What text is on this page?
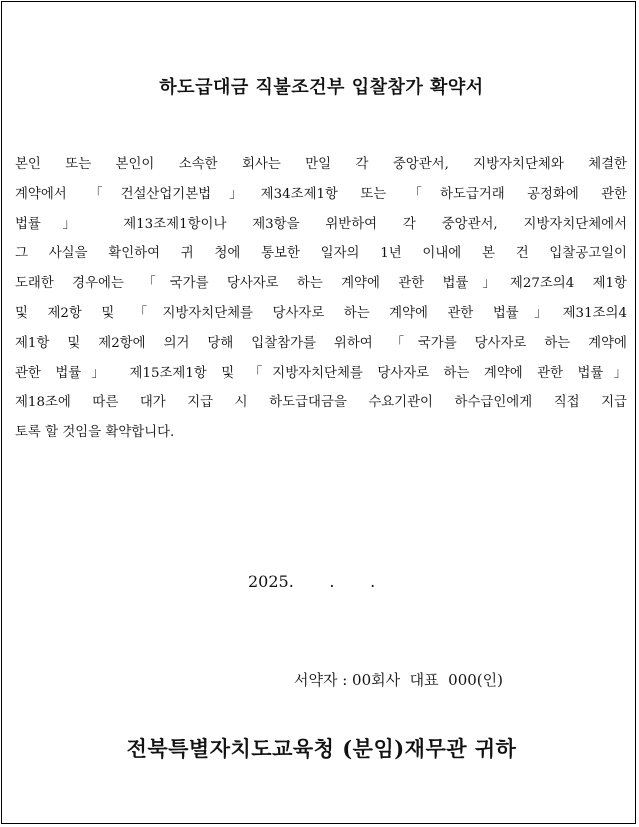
하도급대금 직불조건부 입찰참가 확약서
본인 또는 본인이 소속한 회사는 만일 각 중앙관서, 지방자치단체와 체결한
계약에서 「건설산업기본법」제34조제1항 또는 「하도급거래 공정화에 관한
법률」 제13조제1항이나 제3항을 위반하여 각 중앙관서, 지방자치단체에서
그 사실을 확인하여 귀 청에 통보한 일자의 1년 이내에 본 건 입찰공고일이
도래한 경우에는 「국가를 당사자로 하는 계약에 관한 법률」제27조의4 제1항
및 제2항 및 「지방자치단체를 당사자로 하는 계약에 관한 법률」제31조의4
제1항 및 제2항에 의거 당해 입찰참가를 위하여 「국가를 당사자로 하는 계약에
관한 법률」 제15조제1항 및 「지방자치단체를 당사자로 하는 계약에 관한 법률」
제18조에 따른 대가 지급 시 하도급대금을 수요기관이 하수급인에게 직접 지급
토록 할 것임을 확약합니다.
2025.       .       .
서약자 : 00회사  대표  000(인)
전북특별자치도교육청 (분임)재무관 귀하
